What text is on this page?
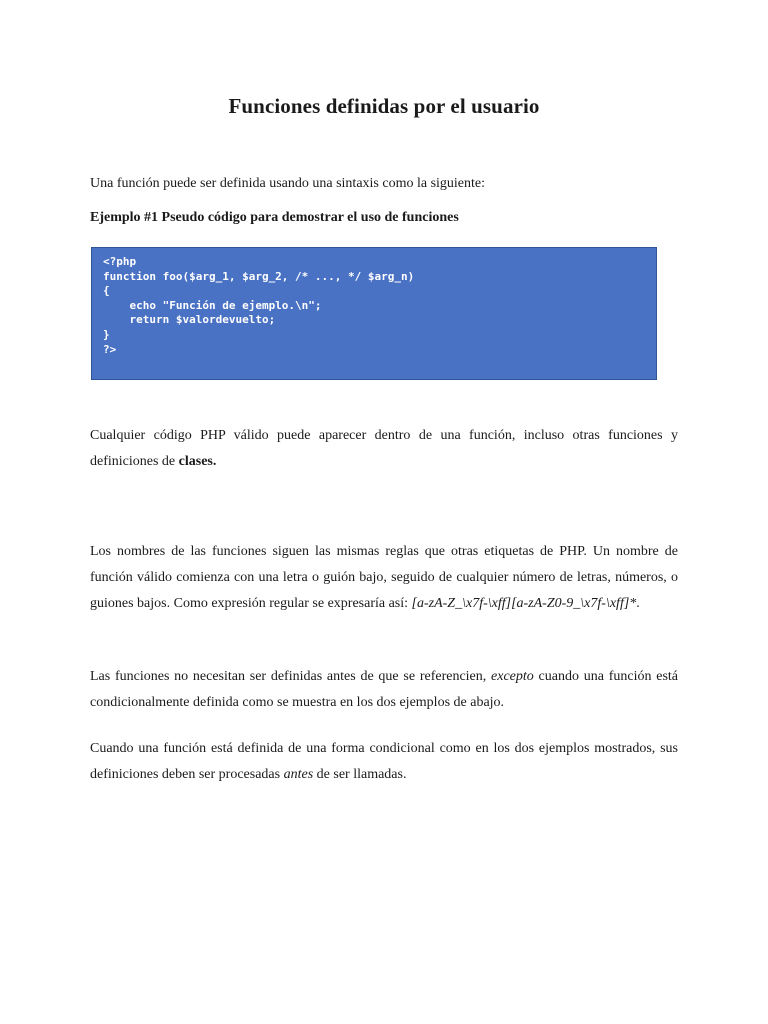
Funciones definidas por el usuario

Una función puede ser definida usando una sintaxis como la siguiente:

Ejemplo #1 Pseudo código para demostrar el uso de funciones
<?php
function foo($arg_1, $arg_2, /* ..., */ $arg_n)
{
echo "Función de ejemplo.\n";
return $valordevuelto;
}
?>

Cualquier código PHP válido puede aparecer dentro de una función, incluso otras funciones y definiciones de clases.

Los nombres de las funciones siguen las mismas reglas que otras etiquetas de PHP. Un nombre de función válido comienza con una letra o guión bajo, seguido de cualquier número de letras, números, o guiones bajos. Como expresión regular se expresaría así: [a-zA-Z_\x7f-\xff][a-zA-Z0-9_\x7f-\xff]*.

Las funciones no necesitan ser definidas antes de que se referencien, excepto cuando una función está condicionalmente definida como se muestra en los dos ejemplos de abajo.

Cuando una función está definida de una forma condicional como en los dos ejemplos mostrados, sus definiciones deben ser procesadas antes de ser llamadas.
